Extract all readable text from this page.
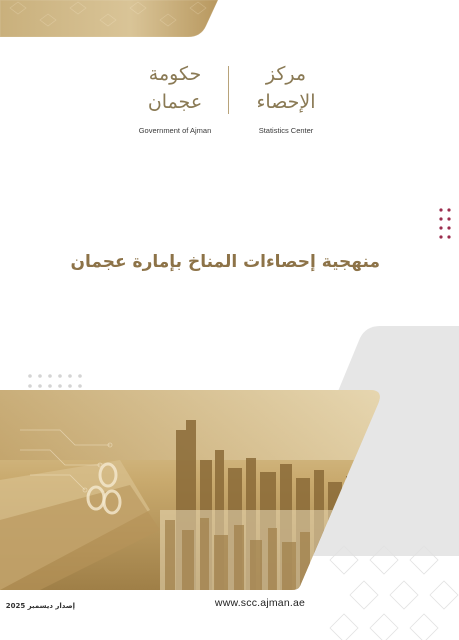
حكومة عجمان
Government of Ajman
مركز الإحصاء
Statistics Center
منهجية إحصاءات المناخ بإمارة عجمان
www.scc.ajman.ae
إصدار ديسمبر 2025
